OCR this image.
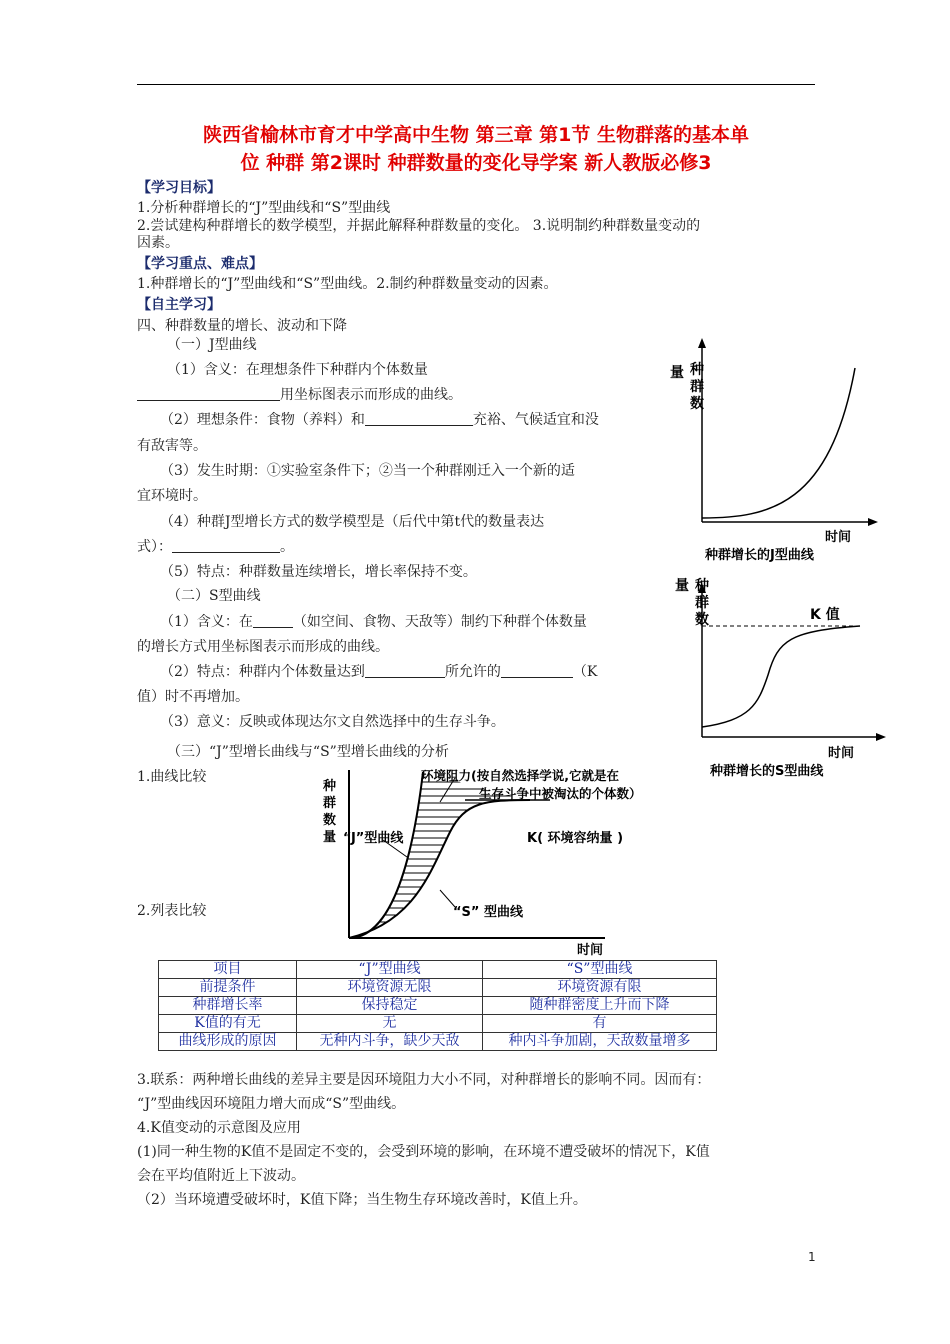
陕西省榆林市育才中学高中生物 第三章 第1节 生物群落的基本单
位 种群 第2课时 种群数量的变化导学案 新人教版必修3
【学习目标】
1.分析种群增长的“J”型曲线和“S”型曲线
2.尝试建构种群增长的数学模型，并据此解释种群数量的变化。 3.说明制约种群数量变动的
因素。
【学习重点、难点】
1.种群增长的“J”型曲线和“S”型曲线。2.制约种群数量变动的因素。
【自主学习】
四、种群数量的增长、波动和下降
（一）J型曲线
（1）含义：在理想条件下种群内个体数量
用坐标图表示而形成的曲线。
（2）理想条件：食物（养料）和	充裕、气候适宜和没
有敌害等。
（3）发生时期：①实验室条件下；②当一个种群刚迁入一个新的适
宜环境时。
（4）种群J型增长方式的数学模型是（后代中第t代的数量表达
式）：	。
（5）特点：种群数量连续增长，增长率保持不变。
（二）S型曲线
（1）含义：在	（如空间、食物、天敌等）制约下种群个体数量
的增长方式用坐标图表示而形成的曲线。
（2）特点：种群内个体数量达到	所允许的	（K
值）时不再增加。
（3）意义：反映或体现达尔文自然选择中的生存斗争。
（三）“J”型增长曲线与“S”型增长曲线的分析
1.曲线比较
2.列表比较
量 种
群
数
时间
种群增长的J型曲线
量 种
群
数	K 值
时间
种群增长的S型曲线
种
群
数
量
环境阻力(按自然选择学说,它就是在
生存斗争中被淘汰的个体数）
“J”型曲线	K( 环境容纳量 )
“S” 型曲线
时间
项目	“J”型曲线	“S”型曲线
前提条件	环境资源无限	环境资源有限
种群增长率	保持稳定	随种群密度上升而下降
K值的有无	无	有
曲线形成的原因	无种内斗争，缺少天敌	种内斗争加剧，天敌数量增多
3.联系：两种增长曲线的差异主要是因环境阻力大小不同，对种群增长的影响不同。因而有：
“J”型曲线因环境阻力增大而成“S”型曲线。
4.K值变动的示意图及应用
(1)同一种生物的K值不是固定不变的，会受到环境的影响，在环境不遭受破坏的情况下，K值
会在平均值附近上下波动。
（2）当环境遭受破坏时，K值下降；当生物生存环境改善时，K值上升。
1
